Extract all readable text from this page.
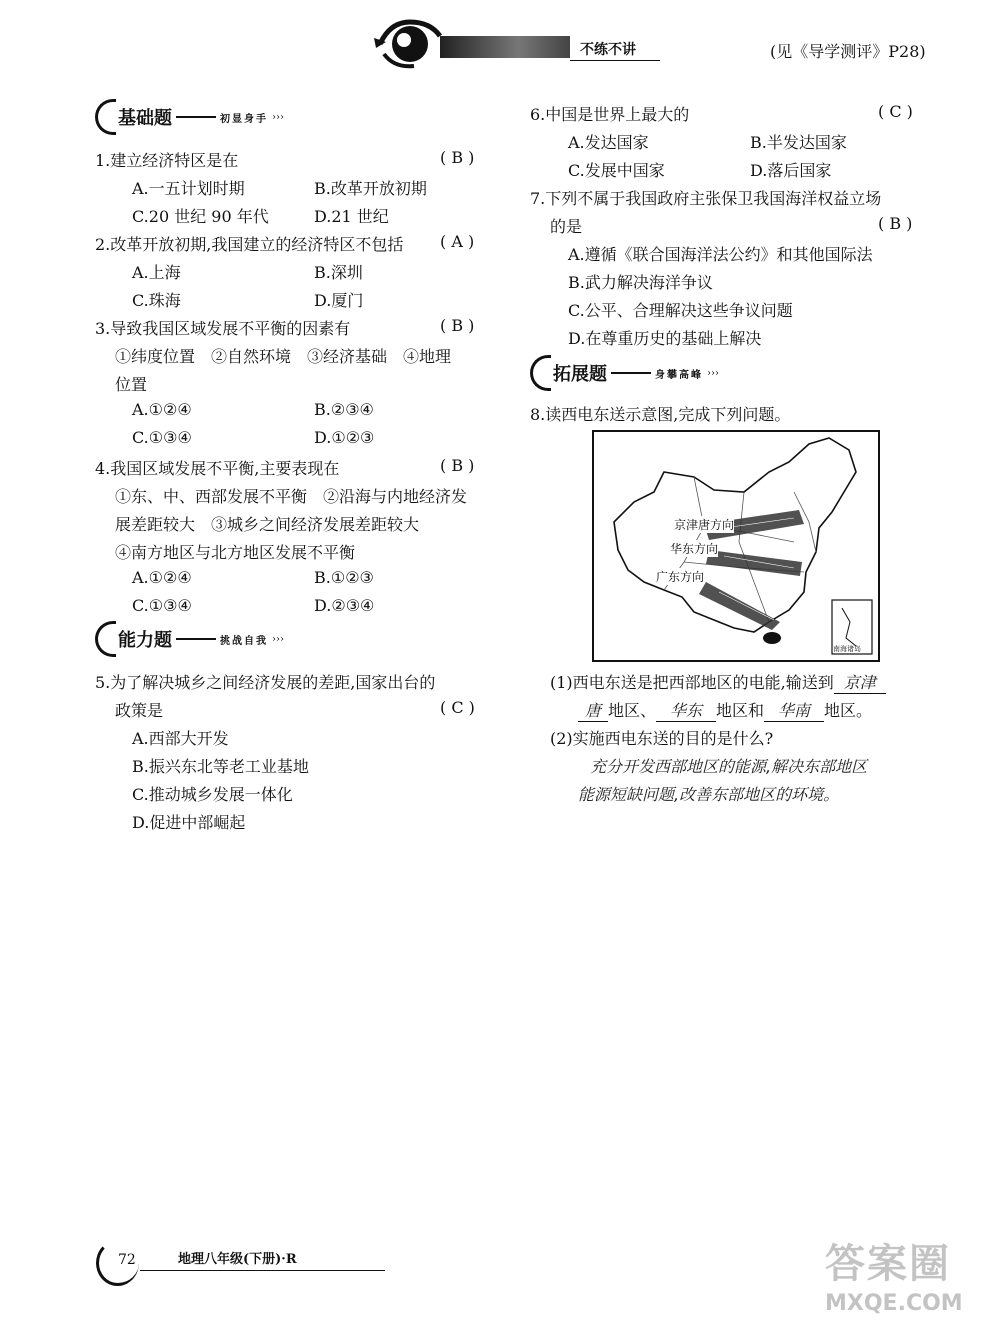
不练不讲	(见《导学测评》P28)
基础题	初显身手 ›››
1.建立经济特区是在	( B )
A.一五计划时期	B.改革开放初期
C.20 世纪 90 年代	D.21 世纪
2.改革开放初期,我国建立的经济特区不包括 ( A )
A.上海	B.深圳
C.珠海	D.厦门
3.导致我国区域发展不平衡的因素有	( B )
①纬度位置　②自然环境　③经济基础　④地理
位置
A.①②④	B.②③④
C.①③④	D.①②③
4.我国区域发展不平衡,主要表现在	( B )
①东、中、西部发展不平衡　②沿海与内地经济发
展差距较大　③城乡之间经济发展差距较大
④南方地区与北方地区发展不平衡
A.①②④	B.①②③
C.①③④	D.②③④
能力题	挑战自我 ›››
5.为了解决城乡之间经济发展的差距,国家出台的
政策是	( C )
A.西部大开发
B.振兴东北等老工业基地
C.推动城乡发展一体化
D.促进中部崛起
6.中国是世界上最大的	( C )
A.发达国家	B.半发达国家
C.发展中国家	D.落后国家
7.下列不属于我国政府主张保卫我国海洋权益立场
的是	( B )
A.遵循《联合国海洋法公约》和其他国际法
B.武力解决海洋争议
C.公平、合理解决这些争议问题
D.在尊重历史的基础上解决
拓展题	身攀高峰 ›››
8.读西电东送示意图,完成下列问题。
京津唐方向
华东方向
广东方向
南海诸岛
(1)西电东送是把西部地区的电能,输送到 京津
唐 地区、 华东 地区和 华南 地区。
(2)实施西电东送的目的是什么?
充分开发西部地区的能源,解决东部地区
能源短缺问题,改善东部地区的环境。
72	地理八年级(下册)·R	答案圈
MXQE.COM
